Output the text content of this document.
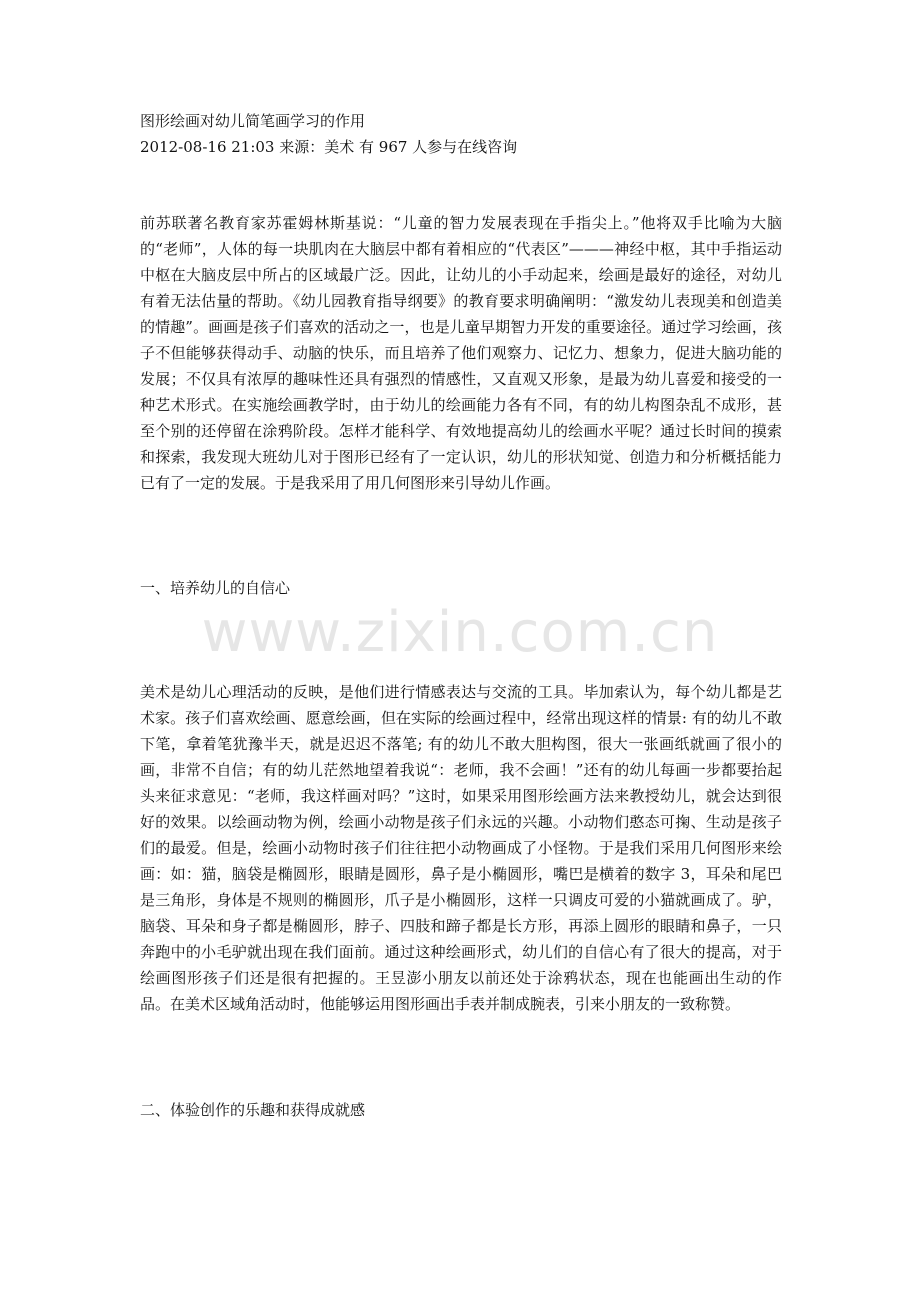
www.zixin.com.cn

图形绘画对幼儿简笔画学习的作用

2012-08-16 21:03 来源：美术 有 967 人参与在线咨询

前苏联著名教育家苏霍姆林斯基说：“儿童的智力发展表现在手指尖上。”他将双手比喻为大脑的“老师”，人体的每一块肌肉在大脑层中都有着相应的“代表区”———神经中枢，其中手指运动中枢在大脑皮层中所占的区域最广泛。因此，让幼儿的小手动起来，绘画是最好的途径，对幼儿有着无法估量的帮助。《幼儿园教育指导纲要》的教育要求明确阐明：“激发幼儿表现美和创造美的情趣”。画画是孩子们喜欢的活动之一，也是儿童早期智力开发的重要途径。通过学习绘画，孩子不但能够获得动手、动脑的快乐，而且培养了他们观察力、记忆力、想象力，促进大脑功能的发展；不仅具有浓厚的趣味性还具有强烈的情感性，又直观又形象，是最为幼儿喜爱和接受的一种艺术形式。在实施绘画教学时，由于幼儿的绘画能力各有不同，有的幼儿构图杂乱不成形，甚至个别的还停留在涂鸦阶段。怎样才能科学、有效地提高幼儿的绘画水平呢？通过长时间的摸索和探索，我发现大班幼儿对于图形已经有了一定认识，幼儿的形状知觉、创造力和分析概括能力已有了一定的发展。于是我采用了用几何图形来引导幼儿作画。

一、培养幼儿的自信心

美术是幼儿心理活动的反映，是他们进行情感表达与交流的工具。毕加索认为，每个幼儿都是艺术家。孩子们喜欢绘画、愿意绘画，但在实际的绘画过程中，经常出现这样的情景: 有的幼儿不敢下笔，拿着笔犹豫半天，就是迟迟不落笔; 有的幼儿不敢大胆构图，很大一张画纸就画了很小的画，非常不自信；有的幼儿茫然地望着我说“：老师，我不会画！”还有的幼儿每画一步都要抬起头来征求意见：“老师，我这样画对吗？”这时，如果采用图形绘画方法来教授幼儿，就会达到很好的效果。以绘画动物为例，绘画小动物是孩子们永远的兴趣。小动物们憨态可掬、生动是孩子们的最爱。但是，绘画小动物时孩子们往往把小动物画成了小怪物。于是我们采用几何图形来绘画：如：猫，脑袋是椭圆形，眼睛是圆形，鼻子是小椭圆形，嘴巴是横着的数字 3，耳朵和尾巴是三角形，身体是不规则的椭圆形，爪子是小椭圆形，这样一只调皮可爱的小猫就画成了。驴，脑袋、耳朵和身子都是椭圆形，脖子、四肢和蹄子都是长方形，再添上圆形的眼睛和鼻子，一只奔跑中的小毛驴就出现在我们面前。通过这种绘画形式，幼儿们的自信心有了很大的提高，对于绘画图形孩子们还是很有把握的。王昱澎小朋友以前还处于涂鸦状态，现在也能画出生动的作品。在美术区域角活动时，他能够运用图形画出手表并制成腕表，引来小朋友的一致称赞。

二、体验创作的乐趣和获得成就感
